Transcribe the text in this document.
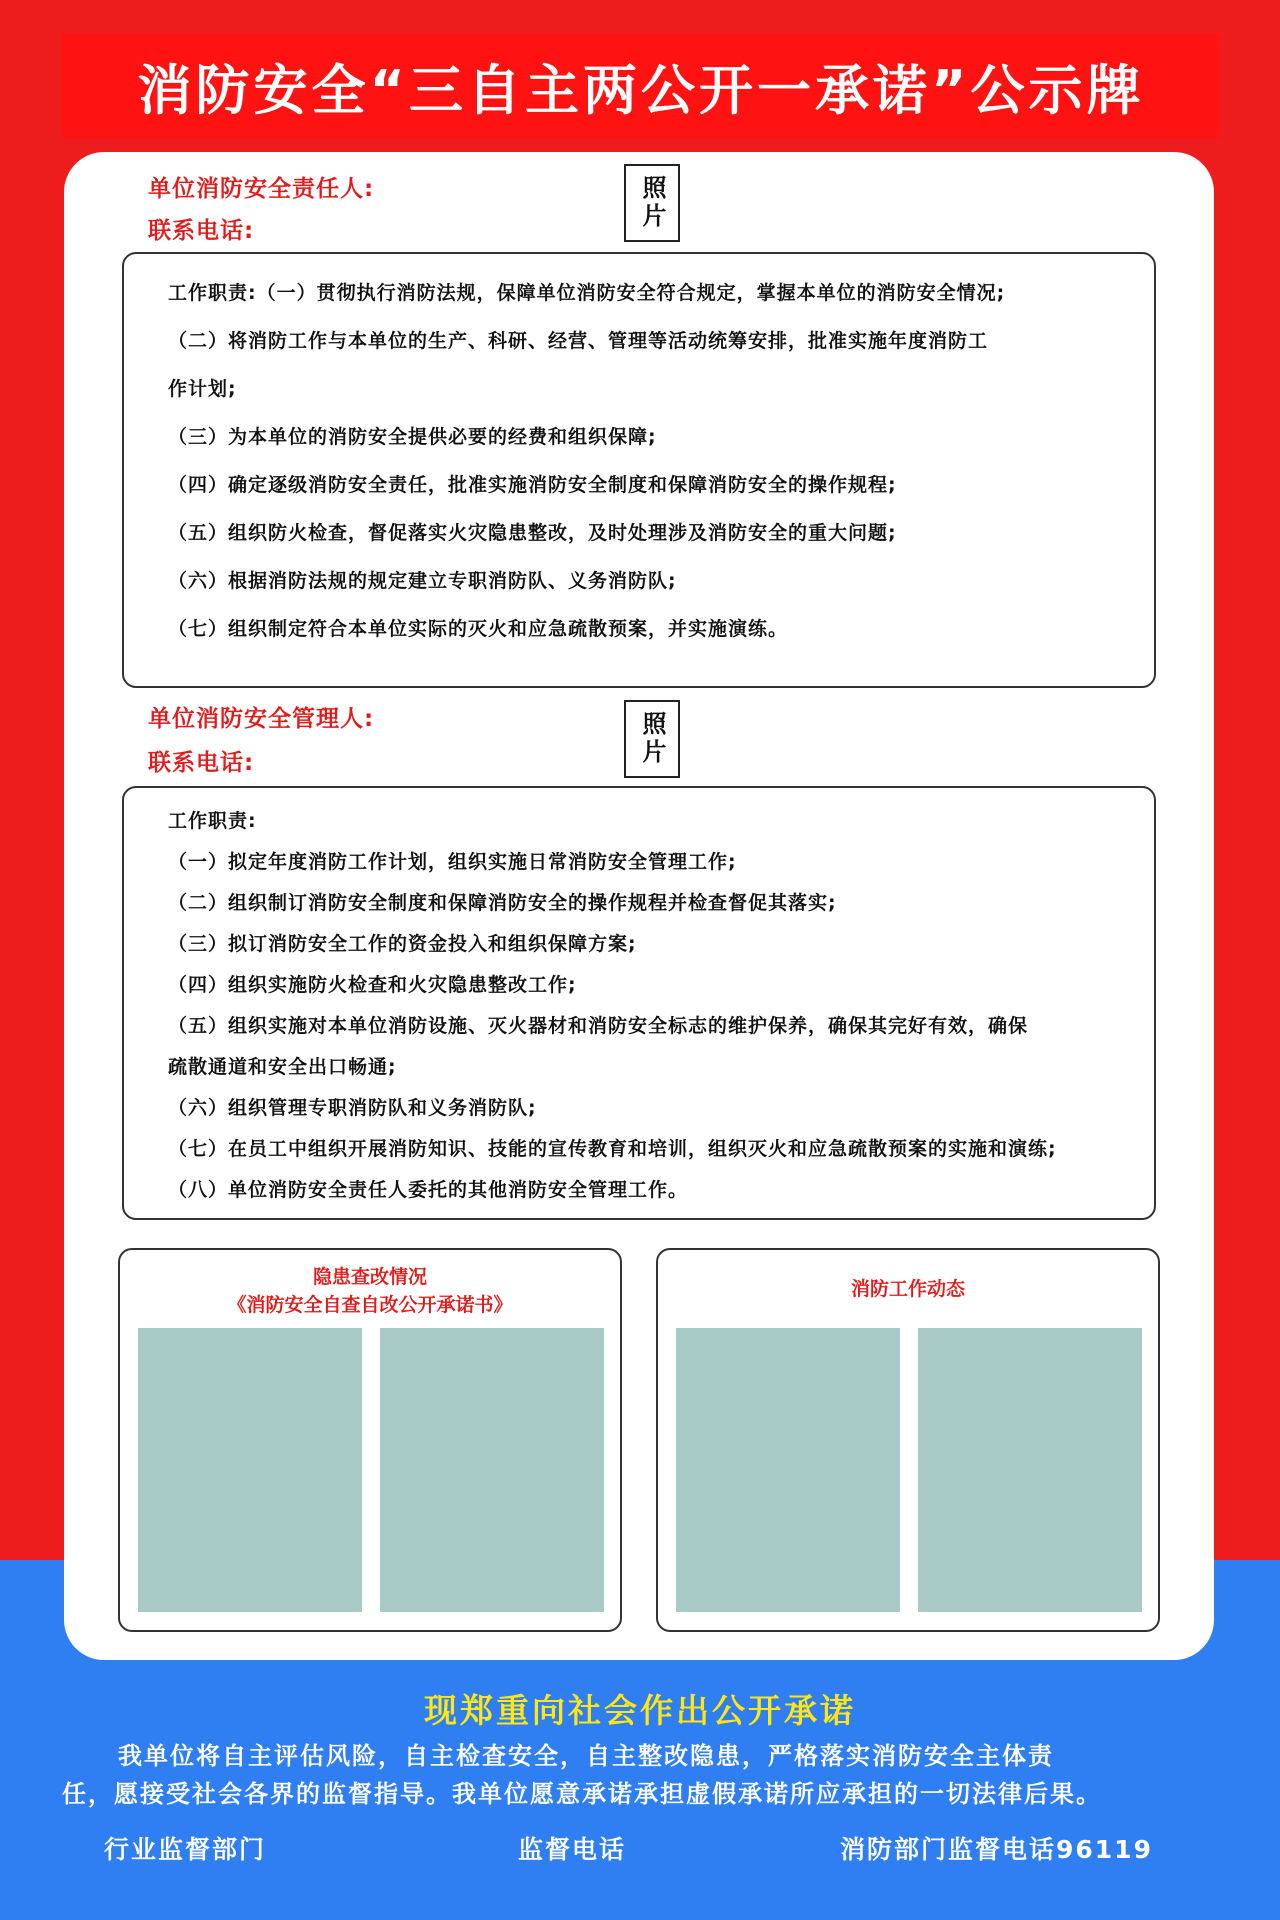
消防安全“三自主两公开一承诺”公示牌
单位消防安全责任人:
联系电话:	照片
工作职责:（一）贯彻执行消防法规，保障单位消防安全符合规定，掌握本单位的消防安全情况;
（二）将消防工作与本单位的生产、科研、经营、管理等活动统筹安排，批准实施年度消防工
作计划;
（三）为本单位的消防安全提供必要的经费和组织保障;
（四）确定逐级消防安全责任，批准实施消防安全制度和保障消防安全的操作规程;
（五）组织防火检查，督促落实火灾隐患整改，及时处理涉及消防安全的重大问题;
（六）根据消防法规的规定建立专职消防队、义务消防队;
（七）组织制定符合本单位实际的灭火和应急疏散预案，并实施演练。
单位消防安全管理人:
联系电话:	照片
工作职责:
（一）拟定年度消防工作计划，组织实施日常消防安全管理工作;
（二）组织制订消防安全制度和保障消防安全的操作规程并检查督促其落实;
（三）拟订消防安全工作的资金投入和组织保障方案;
（四）组织实施防火检查和火灾隐患整改工作;
（五）组织实施对本单位消防设施、灭火器材和消防安全标志的维护保养，确保其完好有效，确保
疏散通道和安全出口畅通;
（六）组织管理专职消防队和义务消防队;
（七）在员工中组织开展消防知识、技能的宣传教育和培训，组织灭火和应急疏散预案的实施和演练;
（八）单位消防安全责任人委托的其他消防安全管理工作。
隐患查改情况
《消防安全自查自改公开承诺书》
消防工作动态
现郑重向社会作出公开承诺
我单位将自主评估风险，自主检查安全，自主整改隐患，严格落实消防安全主体责
任，愿接受社会各界的监督指导。我单位愿意承诺承担虚假承诺所应承担的一切法律后果。
行业监督部门	监督电话	消防部门监督电话96119
